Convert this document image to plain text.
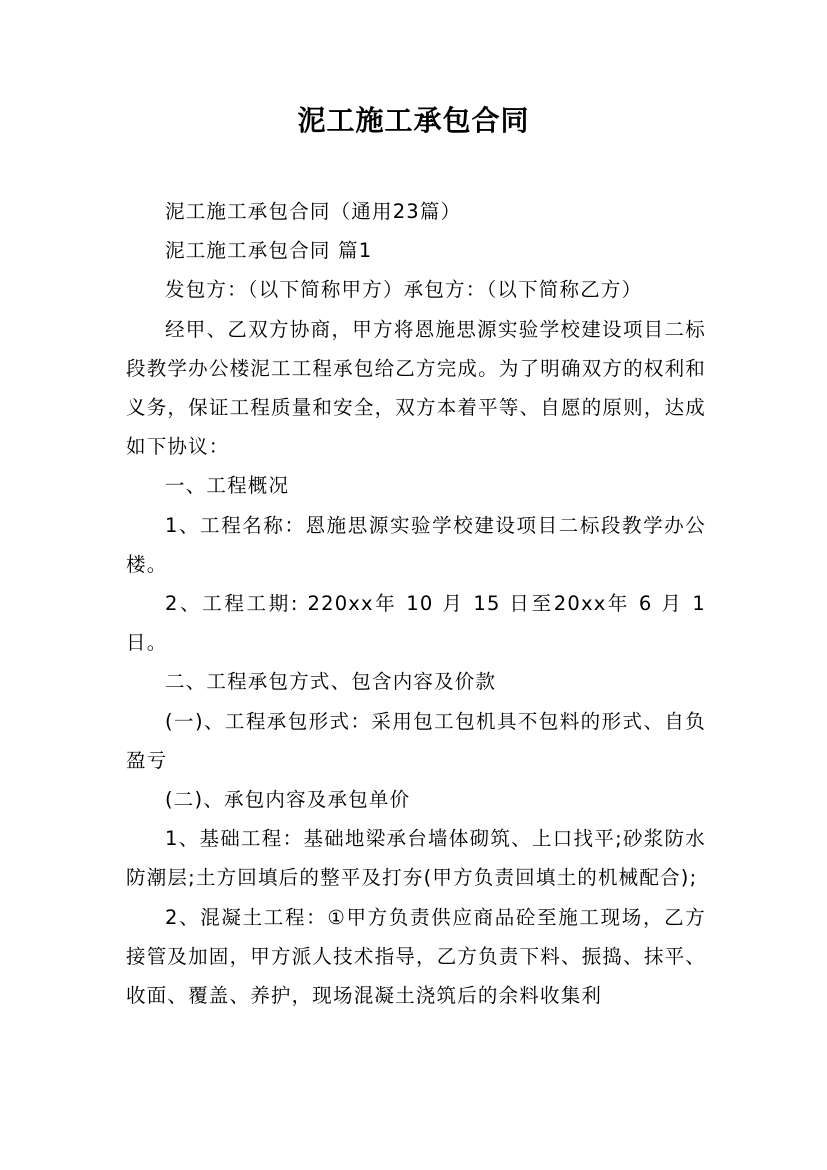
泥工施工承包合同

泥工施工承包合同（通用23篇）

泥工施工承包合同 篇1

发包方：（以下简称甲方）承包方：（以下简称乙方）

经甲、乙双方协商，甲方将恩施思源实验学校建设项目二标段教学办公楼泥工工程承包给乙方完成。为了明确双方的权利和义务，保证工程质量和安全，双方本着平等、自愿的原则，达成如下协议：

一、工程概况

1、工程名称：恩施思源实验学校建设项目二标段教学办公楼。

2、工程工期: 220xx年 10 月 15 日至20xx年 6 月 1 日。

二、工程承包方式、包含内容及价款

(一)、工程承包形式：采用包工包机具不包料的形式、自负盈亏

(二)、承包内容及承包单价

1、基础工程：基础地梁承台墙体砌筑、上口找平;砂浆防水防潮层;土方回填后的整平及打夯(甲方负责回填土的机械配合);

2、混凝土工程：①甲方负责供应商品砼至施工现场，乙方接管及加固，甲方派人技术指导，乙方负责下料、振捣、抹平、收面、覆盖、养护，现场混凝土浇筑后的余料收集利
